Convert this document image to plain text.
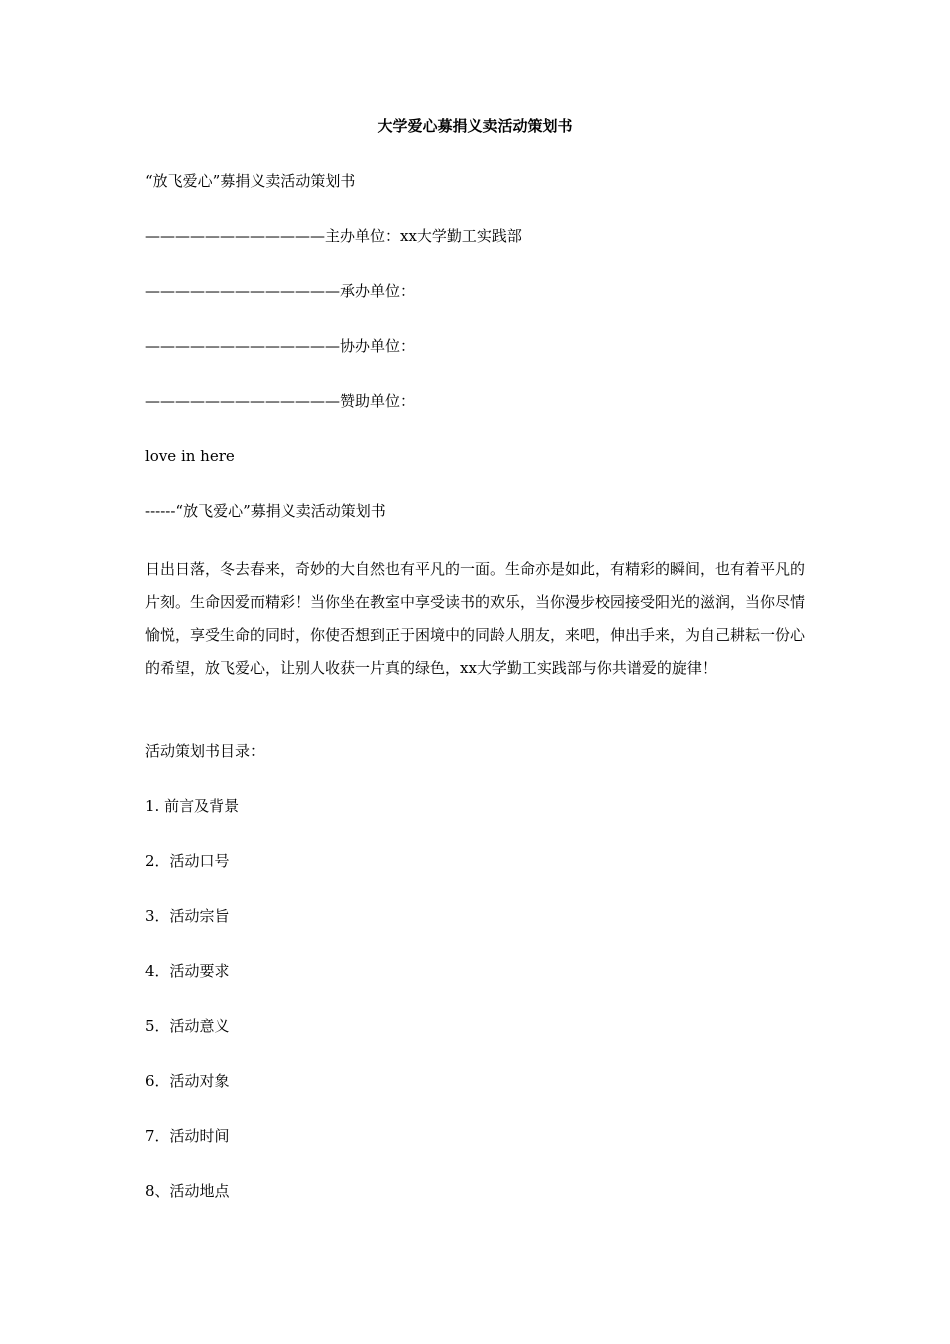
大学爱心募捐义卖活动策划书

“放飞爱心”募捐义卖活动策划书

————————————主办单位：xx大学勤工实践部

—————————————承办单位：

—————————————协办单位：

—————————————赞助单位：

love in here

------“放飞爱心”募捐义卖活动策划书

日出日落，冬去春来，奇妙的大自然也有平凡的一面。生命亦是如此，有精彩的瞬间，也有着平凡的片刻。生命因爱而精彩！当你坐在教室中享受读书的欢乐，当你漫步校园接受阳光的滋润，当你尽情愉悦，享受生命的同时，你使否想到正于困境中的同龄人朋友，来吧，伸出手来，为自己耕耘一份心的希望，放飞爱心，让别人收获一片真的绿色，xx大学勤工实践部与你共谱爱的旋律！

活动策划书目录：

1. 前言及背景

2．活动口号

3．活动宗旨

4．活动要求

5．活动意义

6．活动对象

7．活动时间

8、活动地点
